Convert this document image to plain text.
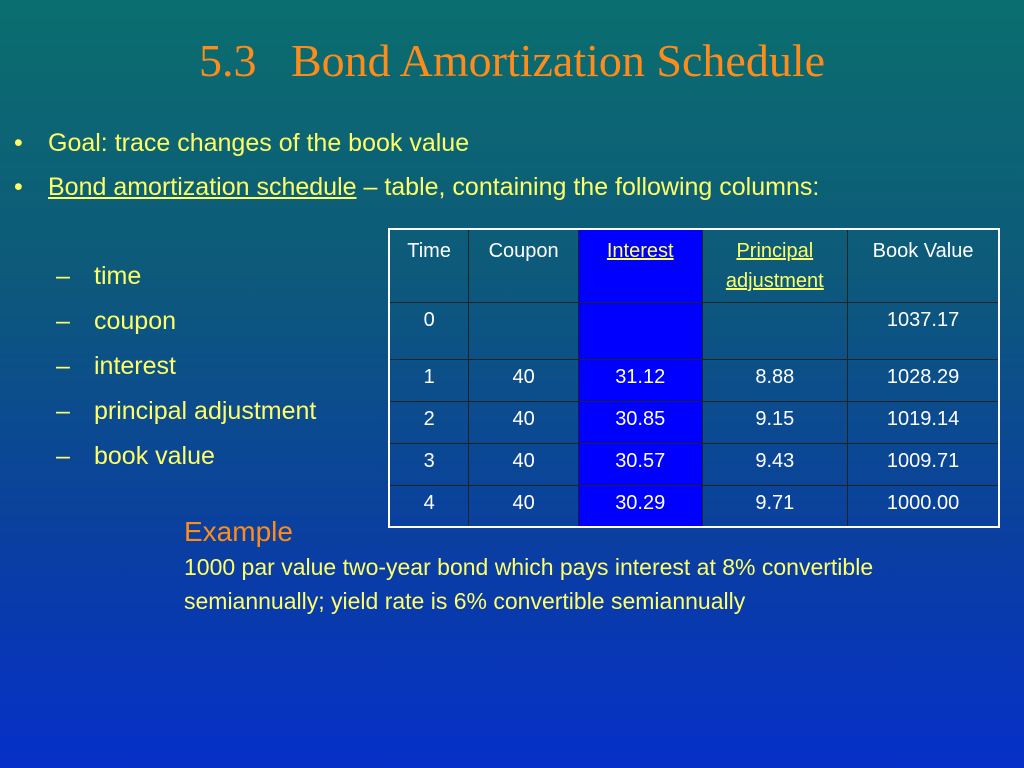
5.3   Bond Amortization Schedule
•	Goal: trace changes of the book value
•	Bond amortization schedule – table, containing the following columns:
– time
– coupon
– interest
– principal adjustment
– book value
Time	Coupon	Interest	Principal adjustment	Book Value
0				1037.17
1	40	31.12	8.88	1028.29
2	40	30.85	9.15	1019.14
3	40	30.57	9.43	1009.71
4	40	30.29	9.71	1000.00
Example
1000 par value two-year bond which pays interest at 8% convertible semiannually; yield rate is 6% convertible semiannually
